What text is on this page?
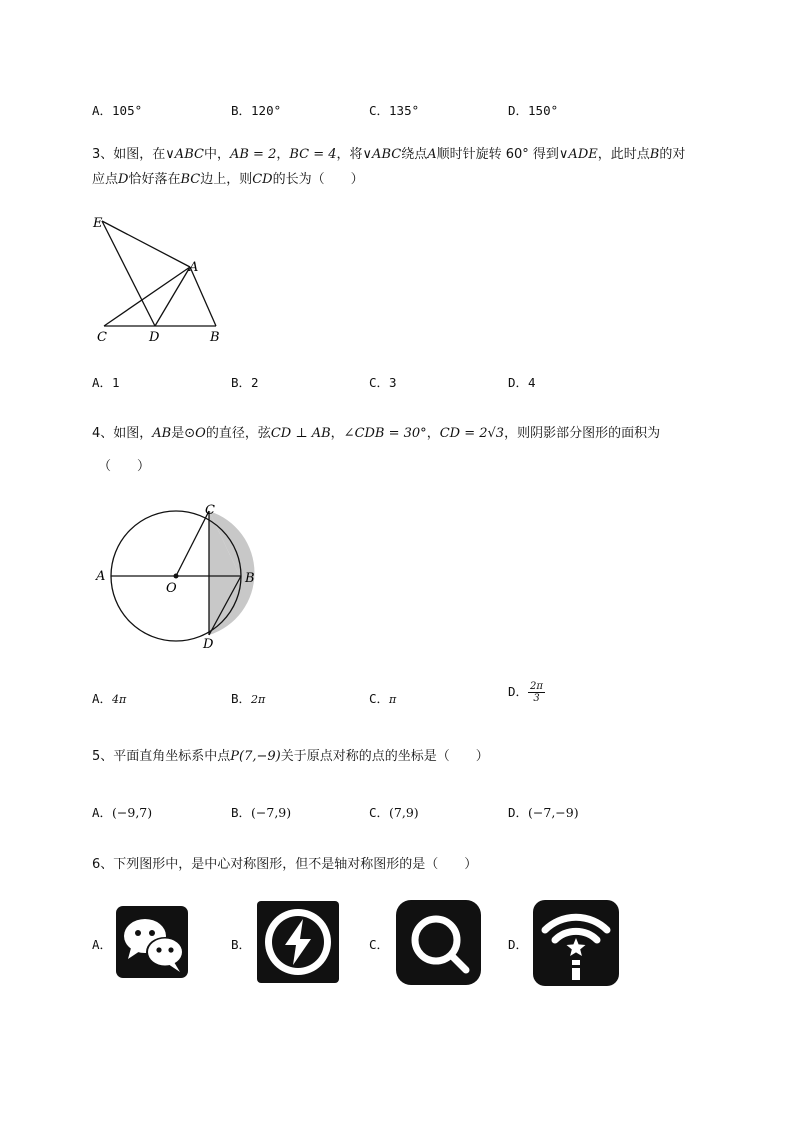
A．105°	B．120°	C．135°	D．150°
3、如图，在∨ABC中，AB = 2，BC = 4，将∨ABC绕点A顺时针旋转 60° 得到∨ADE，此时点B的对
应点D恰好落在BC边上，则CD的长为（　　）
E
A
C	D	B
A．1	B．2	C．3	D．4
4、如图，AB是⊙O的直径，弦CD ⊥ AB，∠CDB = 30°，CD = 2√3，则阴影部分图形的面积为
（　　）
C
A
O
B
D
A．4π	B．2π	C．π
D． $\frac{2\pi}{3}$
5、平面直角坐标系中点P(7,−9)关于原点对称的点的坐标是（　　）
A．(−9,7)	B．(−7,9)	C．(7,9)	D．(−7,−9)
6、下列图形中，是中心对称图形，但不是轴对称图形的是（　　）
A．	B．	C．	D．
